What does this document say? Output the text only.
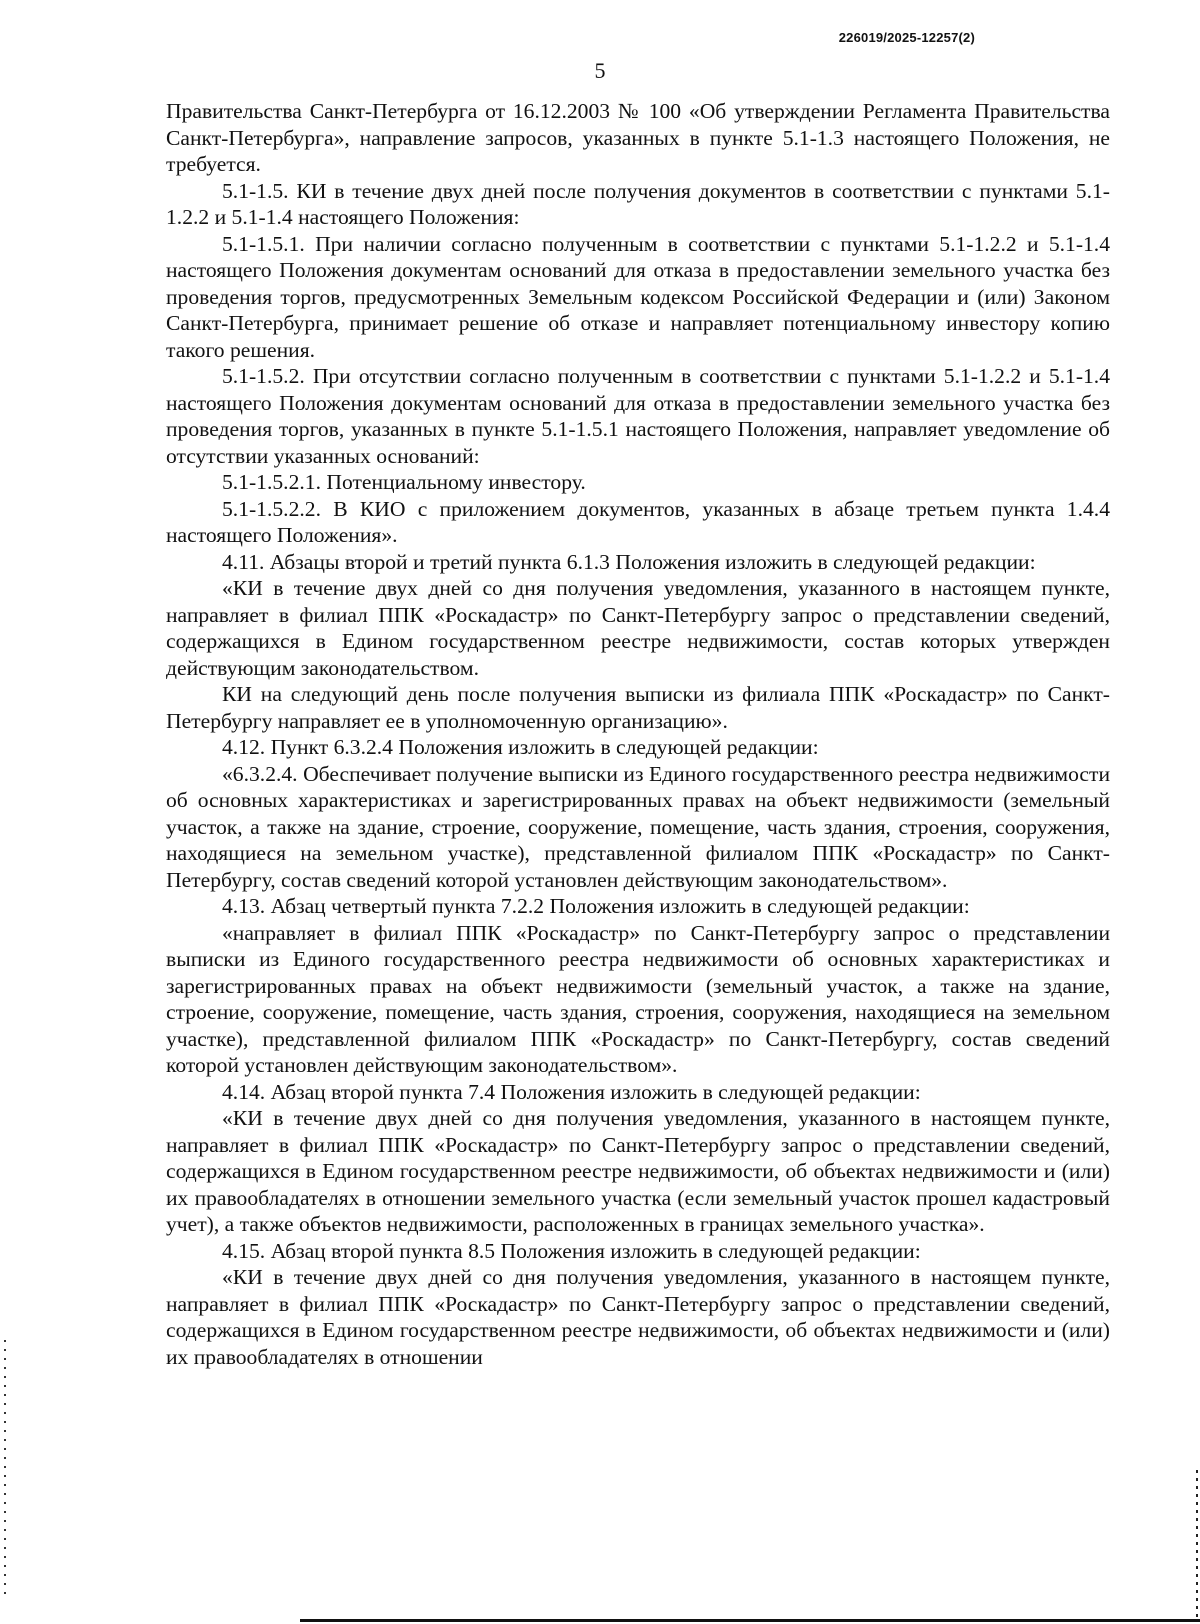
226019/2025-12257(2)
5

Правительства Санкт-Петербурга от 16.12.2003 № 100 «Об утверждении Регламента Правительства Санкт-Петербурга», направление запросов, указанных в пункте 5.1-1.3 настоящего Положения, не требуется.

5.1-1.5. КИ в течение двух дней после получения документов в соответствии с пунктами 5.1-1.2.2 и 5.1-1.4 настоящего Положения:

5.1-1.5.1. При наличии согласно полученным в соответствии с пунктами 5.1-1.2.2 и 5.1-1.4 настоящего Положения документам оснований для отказа в предоставлении земельного участка без проведения торгов, предусмотренных Земельным кодексом Российской Федерации и (или) Законом Санкт-Петербурга, принимает решение об отказе и направляет потенциальному инвестору копию такого решения.

5.1-1.5.2. При отсутствии согласно полученным в соответствии с пунктами 5.1-1.2.2 и 5.1-1.4 настоящего Положения документам оснований для отказа в предоставлении земельного участка без проведения торгов, указанных в пункте 5.1-1.5.1 настоящего Положения, направляет уведомление об отсутствии указанных оснований:

5.1-1.5.2.1. Потенциальному инвестору.

5.1-1.5.2.2. В КИО с приложением документов, указанных в абзаце третьем пункта 1.4.4 настоящего Положения».

4.11. Абзацы второй и третий пункта 6.1.3 Положения изложить в следующей редакции:

«КИ в течение двух дней со дня получения уведомления, указанного в настоящем пункте, направляет в филиал ППК «Роскадастр» по Санкт-Петербургу запрос о представлении сведений, содержащихся в Едином государственном реестре недвижимости, состав которых утвержден действующим законодательством.

КИ на следующий день после получения выписки из филиала ППК «Роскадастр» по Санкт-Петербургу направляет ее в уполномоченную организацию».

4.12. Пункт 6.3.2.4 Положения изложить в следующей редакции:

«6.3.2.4. Обеспечивает получение выписки из Единого государственного реестра недвижимости об основных характеристиках и зарегистрированных правах на объект недвижимости (земельный участок, а также на здание, строение, сооружение, помещение, часть здания, строения, сооружения, находящиеся на земельном участке), представленной филиалом ППК «Роскадастр» по Санкт-Петербургу, состав сведений которой установлен действующим законодательством».

4.13. Абзац четвертый пункта 7.2.2 Положения изложить в следующей редакции:

«направляет в филиал ППК «Роскадастр» по Санкт-Петербургу запрос о представлении выписки из Единого государственного реестра недвижимости об основных характеристиках и зарегистрированных правах на объект недвижимости (земельный участок, а также на здание, строение, сооружение, помещение, часть здания, строения, сооружения, находящиеся на земельном участке), представленной филиалом ППК «Роскадастр» по Санкт-Петербургу, состав сведений которой установлен действующим законодательством».

4.14. Абзац второй пункта 7.4 Положения изложить в следующей редакции:

«КИ в течение двух дней со дня получения уведомления, указанного в настоящем пункте, направляет в филиал ППК «Роскадастр» по Санкт-Петербургу запрос о представлении сведений, содержащихся в Едином государственном реестре недвижимости, об объектах недвижимости и (или) их правообладателях в отношении земельного участка (если земельный участок прошел кадастровый учет), а также объектов недвижимости, расположенных в границах земельного участка».

4.15. Абзац второй пункта 8.5 Положения изложить в следующей редакции:

«КИ в течение двух дней со дня получения уведомления, указанного в настоящем пункте, направляет в филиал ППК «Роскадастр» по Санкт-Петербургу запрос о представлении сведений, содержащихся в Едином государственном реестре недвижимости, об объектах недвижимости и (или) их правообладателях в отношении
